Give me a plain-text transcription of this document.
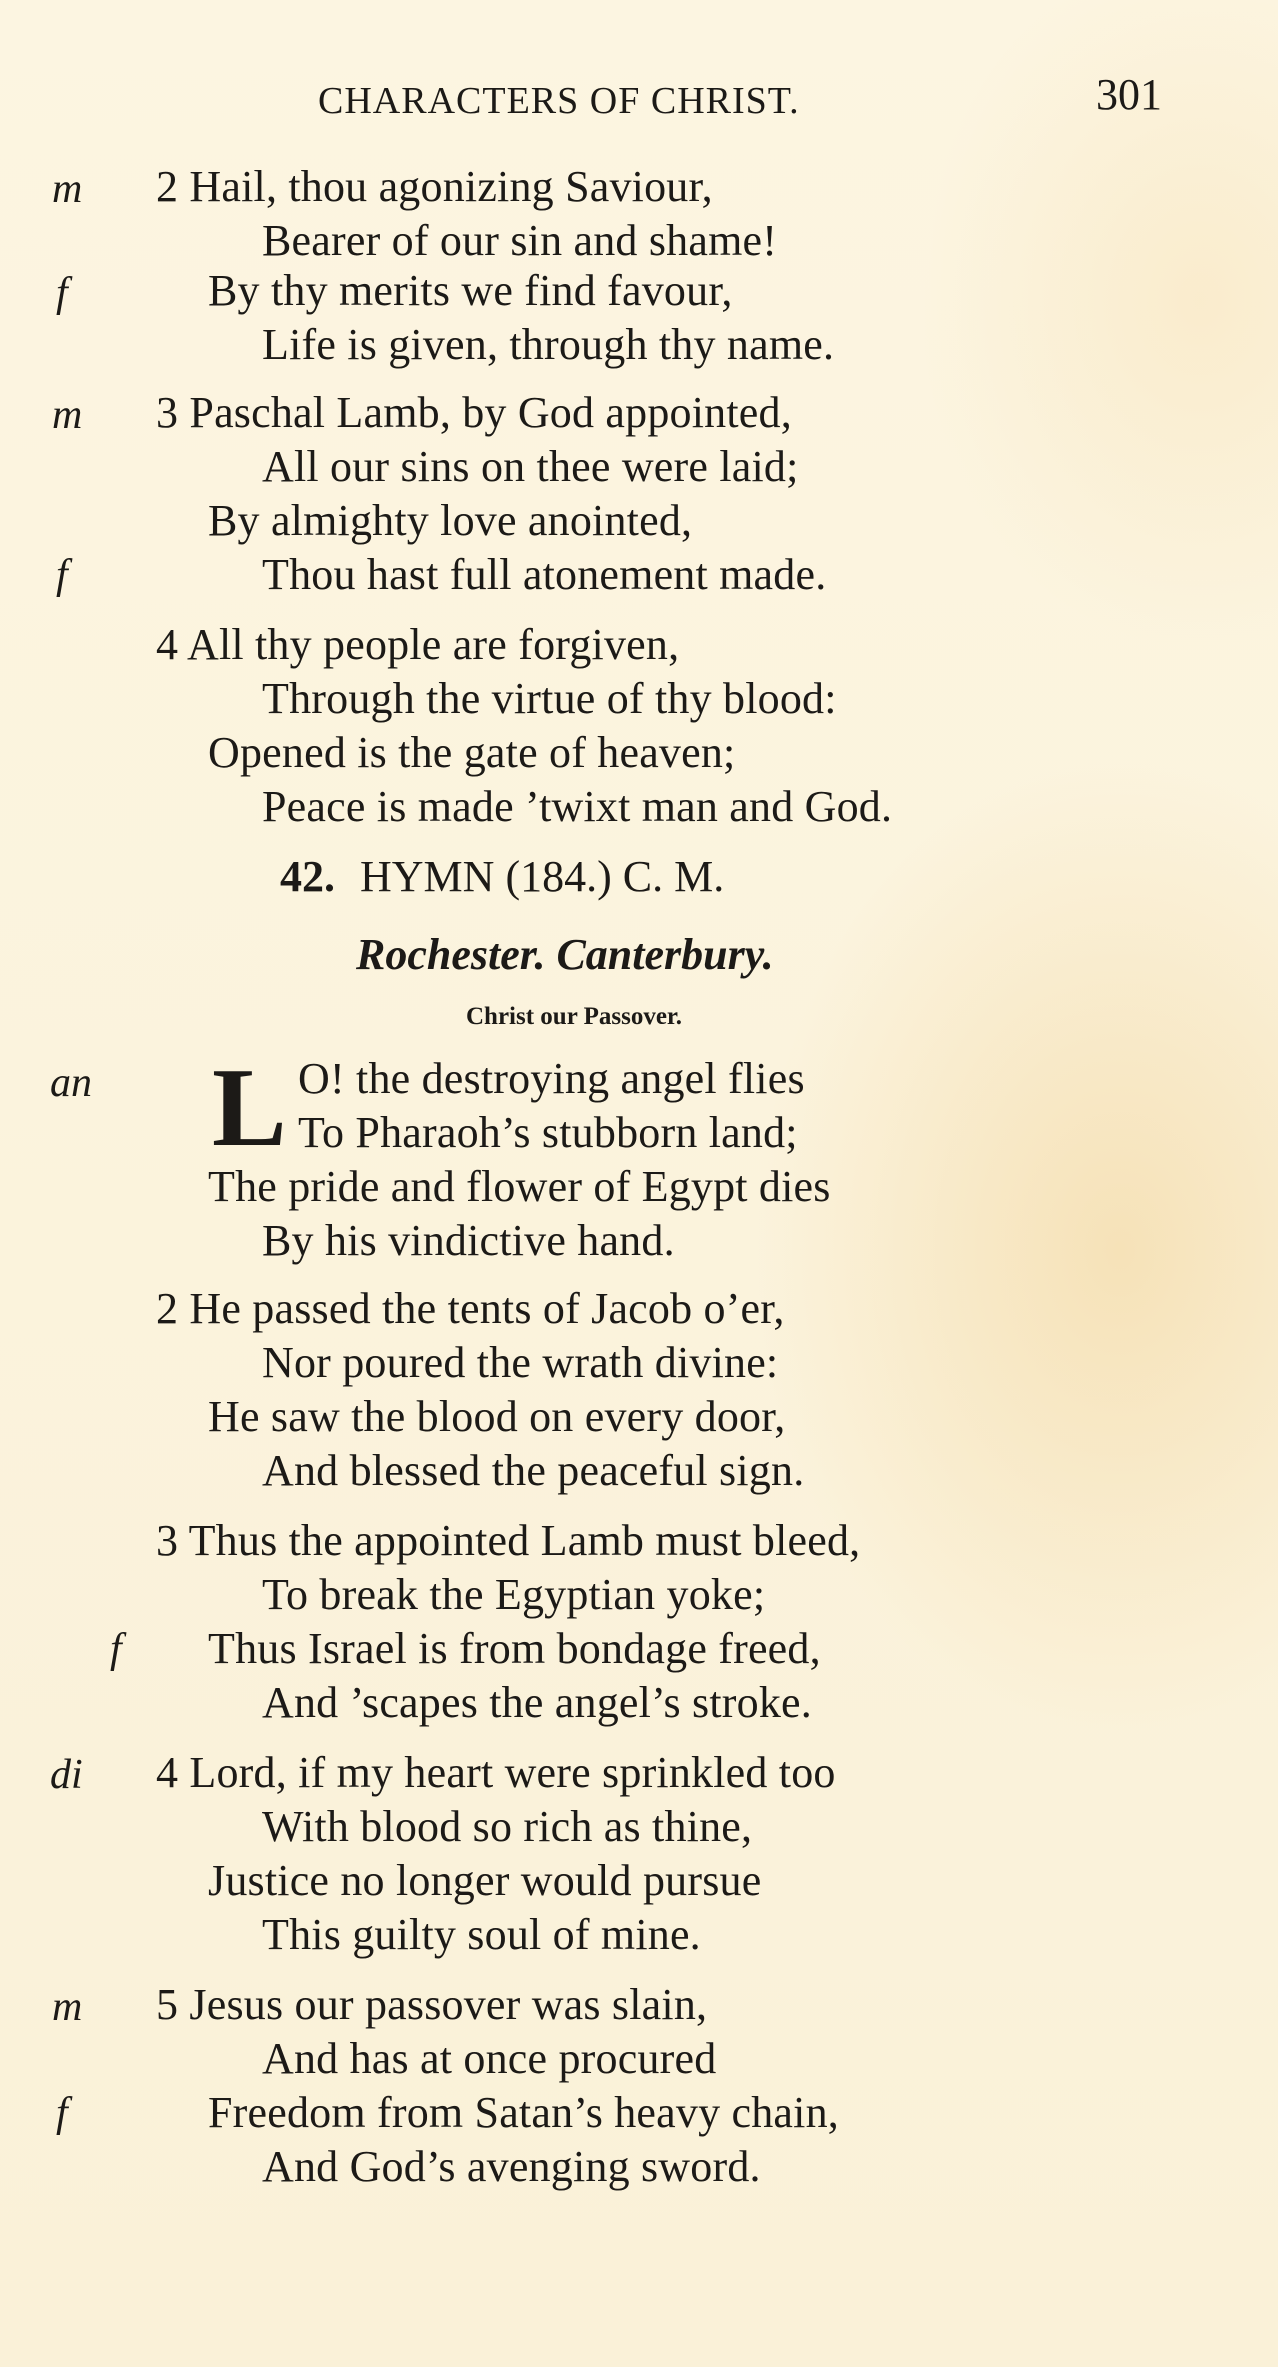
CHARACTERS OF CHRIST.	301
m 2 Hail, thou agonizing Saviour,
Bearer of our sin and shame!
f	By thy merits we find favour,
Life is given, through thy name.
m 3 Paschal Lamb, by God appointed,
All our sins on thee were laid;
By almighty love anointed,
f	Thou hast full atonement made.
4 All thy people are forgiven,
Through the virtue of thy blood:
Opened is the gate of heaven;
Peace is made ’twixt man and God.
42. HYMN (184.) C. M.
Rochester. Canterbury.
Christ our Passover.
an L O! the destroying angel flies
To Pharaoh’s stubborn land;
The pride and flower of Egypt dies
By his vindictive hand.
2 He passed the tents of Jacob o’er,
Nor poured the wrath divine:
He saw the blood on every door,
And blessed the peaceful sign.
3 Thus the appointed Lamb must bleed,
To break the Egyptian yoke;
f Thus Israel is from bondage freed,
And ’scapes the angel’s stroke.
di 4 Lord, if my heart were sprinkled too
With blood so rich as thine,
Justice no longer would pursue
This guilty soul of mine.
m 5 Jesus our passover was slain,
And has at once procured
f	Freedom from Satan’s heavy chain,
And God’s avenging sword.
